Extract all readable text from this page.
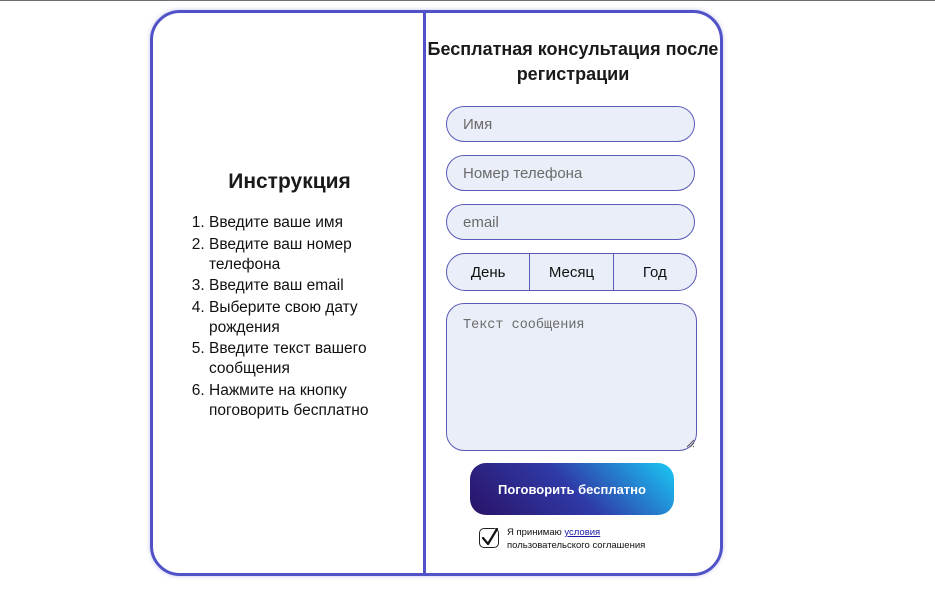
Инструкция
1. Введите ваше имя
2. Введите ваш номер телефона
3. Введите ваш email
4. Выберите свою дату рождения
5. Введите текст вашего сообщения
6. Нажмите на кнопку поговорить бесплатно
Бесплатная консультация после регистрации
Имя
Номер телефона
email
День	Месяц	Год
Текст сообщения
Поговорить бесплатно
Я принимаю условия
пользовательского соглашения
